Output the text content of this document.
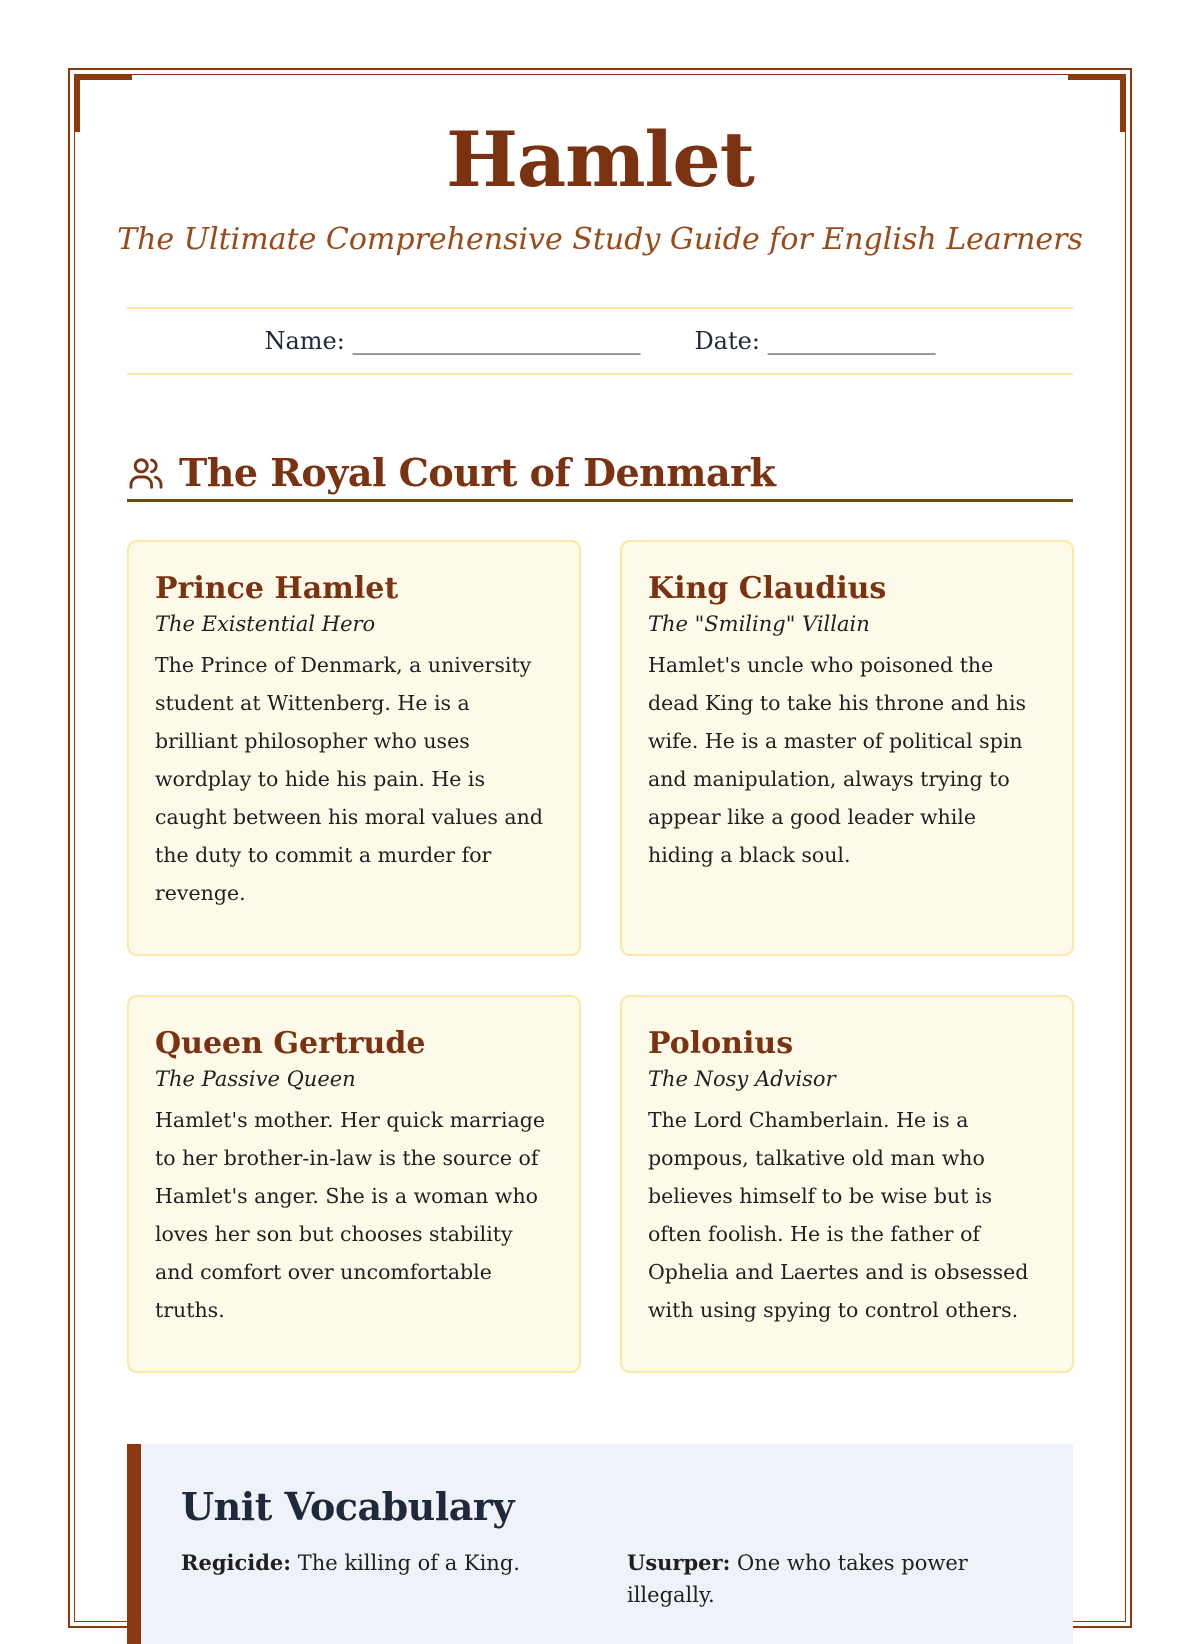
Hamlet
The Ultimate Comprehensive Study Guide for English Learners
Name: ________________________ Date: ______________
The Royal Court of Denmark
Prince Hamlet
The Existential Hero

The Prince of Denmark, a university student at Wittenberg. He is a brilliant philosopher who uses wordplay to hide his pain. He is caught between his moral values and the duty to commit a murder for revenge.

King Claudius
The "Smiling" Villain

Hamlet's uncle who poisoned the dead King to take his throne and his wife. He is a master of political spin and manipulation, always trying to appear like a good leader while hiding a black soul.

Queen Gertrude
The Passive Queen

Hamlet's mother. Her quick marriage to her brother-in-law is the source of Hamlet's anger. She is a woman who loves her son but chooses stability and comfort over uncomfortable truths.

Polonius
The Nosy Advisor

The Lord Chamberlain. He is a pompous, talkative old man who believes himself to be wise but is often foolish. He is the father of Ophelia and Laertes and is obsessed with using spying to control others.

Unit Vocabulary
Regicide: The killing of a King.	Usurper: One who takes power illegally.
